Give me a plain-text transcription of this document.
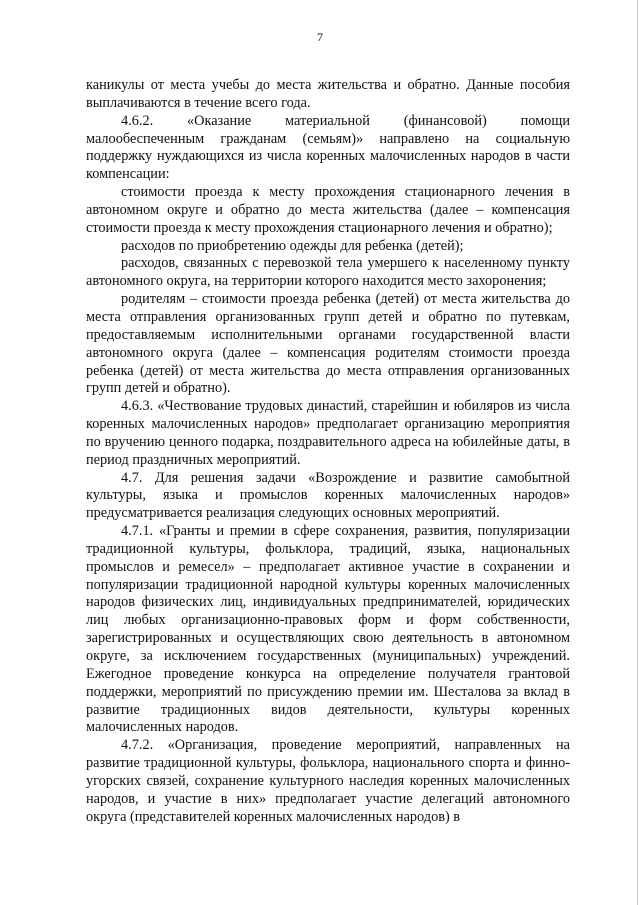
7

каникулы от места учебы до места жительства и обратно. Данные пособия выплачиваются в течение всего года.

4.6.2. «Оказание материальной (финансовой) помощи малообеспеченным гражданам (семьям)» направлено на социальную поддержку нуждающихся из числа коренных малочисленных народов в части компенсации:

стоимости проезда к месту прохождения стационарного лечения в автономном округе и обратно до места жительства (далее – компенсация стоимости проезда к месту прохождения стационарного лечения и обратно);

расходов по приобретению одежды для ребенка (детей);

расходов, связанных с перевозкой тела умершего к населенному пункту автономного округа, на территории которого находится место захоронения;

родителям – стоимости проезда ребенка (детей) от места жительства до места отправления организованных групп детей и обратно по путевкам, предоставляемым исполнительными органами государственной власти автономного округа (далее – компенсация родителям стоимости проезда ребенка (детей) от места жительства до места отправления организованных групп детей и обратно).

4.6.3. «Чествование трудовых династий, старейшин и юбиляров из числа коренных малочисленных народов» предполагает организацию мероприятия по вручению ценного подарка, поздравительного адреса на юбилейные даты, в период праздничных мероприятий.

4.7. Для решения задачи «Возрождение и развитие самобытной культуры, языка и промыслов коренных малочисленных народов» предусматривается реализация следующих основных мероприятий.

4.7.1. «Гранты и премии в сфере сохранения, развития, популяризации традиционной культуры, фольклора, традиций, языка, национальных промыслов и ремесел» – предполагает активное участие в сохранении и популяризации традиционной народной культуры коренных малочисленных народов физических лиц, индивидуальных предпринимателей, юридических лиц любых организационно-правовых форм и форм собственности, зарегистрированных и осуществляющих свою деятельность в автономном округе, за исключением государственных (муниципальных) учреждений. Ежегодное проведение конкурса на определение получателя грантовой поддержки, мероприятий по присуждению премии им. Шесталова за вклад в развитие традиционных видов деятельности, культуры коренных малочисленных народов.

4.7.2. «Организация, проведение мероприятий, направленных на развитие традиционной культуры, фольклора, национального спорта и финно-угорских связей, сохранение культурного наследия коренных малочисленных народов, и участие в них» предполагает участие делегаций автономного округа (представителей коренных малочисленных народов) в
